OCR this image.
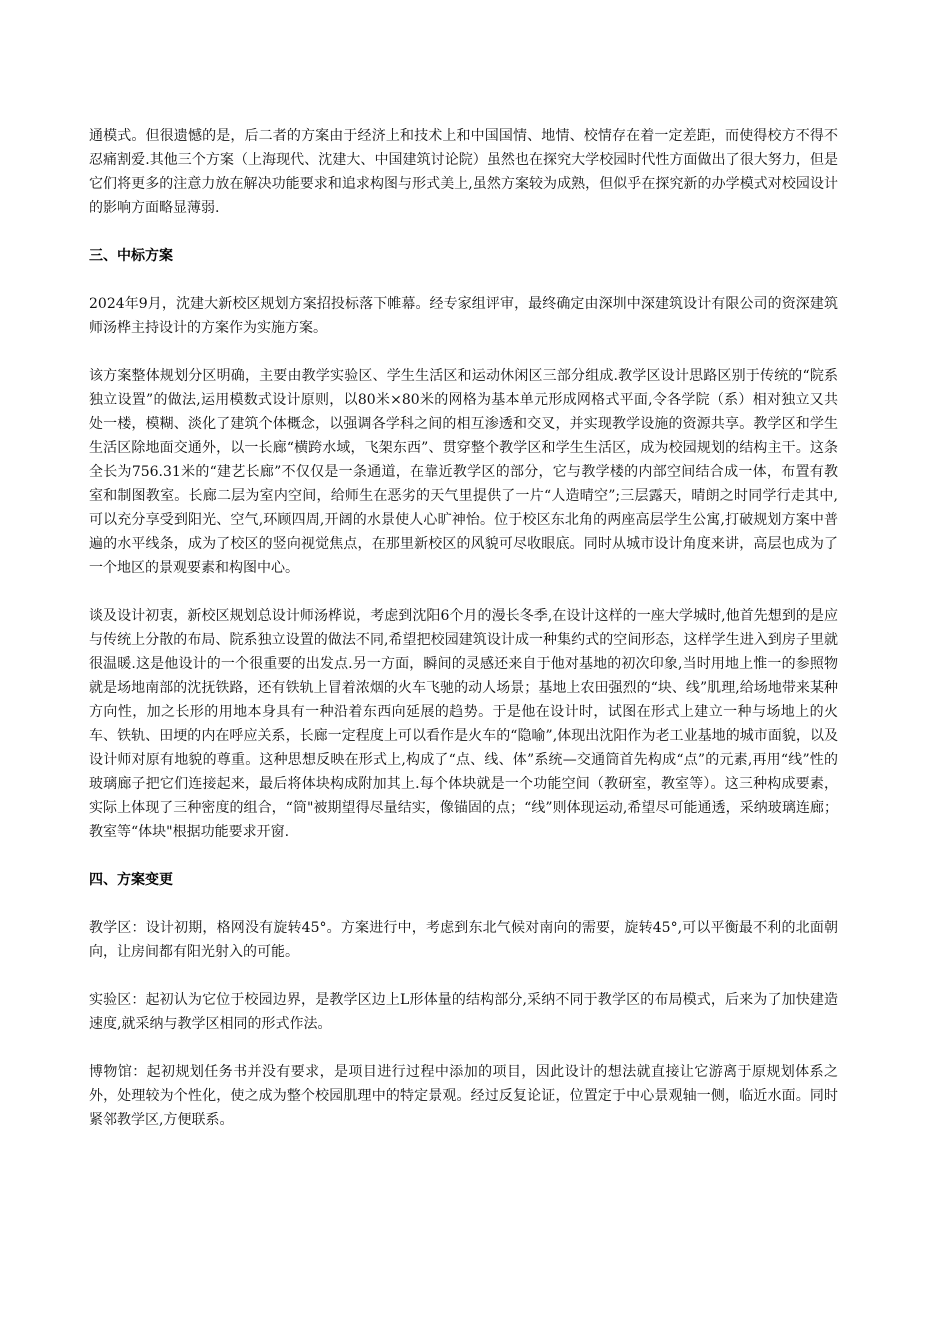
通模式。但很遗憾的是，后二者的方案由于经济上和技术上和中国国情、地情、校情存在着一定差距，而使得校方不得不忍痛割爱.其他三个方案（上海现代、沈建大、中国建筑讨论院）虽然也在探究大学校园时代性方面做出了很大努力，但是它们将更多的注意力放在解决功能要求和追求构图与形式美上,虽然方案较为成熟，但似乎在探究新的办学模式对校园设计的影响方面略显薄弱.

三、中标方案

2024年9月，沈建大新校区规划方案招投标落下帷幕。经专家组评审，最终确定由深圳中深建筑设计有限公司的资深建筑师汤桦主持设计的方案作为实施方案。

该方案整体规划分区明确，主要由教学实验区、学生生活区和运动休闲区三部分组成.教学区设计思路区别于传统的“院系独立设置”的做法,运用模数式设计原则，以80米×80米的网格为基本单元形成网格式平面,令各学院（系）相对独立又共处一楼，模糊、淡化了建筑个体概念，以强调各学科之间的相互渗透和交叉，并实现教学设施的资源共享。教学区和学生生活区除地面交通外，以一长廊“横跨水域，飞架东西”、贯穿整个教学区和学生生活区，成为校园规划的结构主干。这条全长为756.31米的“建艺长廊”不仅仅是一条通道，在靠近教学区的部分，它与教学楼的内部空间结合成一体，布置有教室和制图教室。长廊二层为室内空间，给师生在恶劣的天气里提供了一片“人造晴空”;三层露天，晴朗之时同学行走其中,可以充分享受到阳光、空气,环顾四周,开阔的水景使人心旷神怡。位于校区东北角的两座高层学生公寓,打破规划方案中普遍的水平线条，成为了校区的竖向视觉焦点，在那里新校区的风貌可尽收眼底。同时从城市设计角度来讲，高层也成为了一个地区的景观要素和构图中心。

谈及设计初衷，新校区规划总设计师汤桦说，考虑到沈阳6个月的漫长冬季,在设计这样的一座大学城时,他首先想到的是应与传统上分散的布局、院系独立设置的做法不同,希望把校园建筑设计成一种集约式的空间形态，这样学生进入到房子里就很温暖.这是他设计的一个很重要的出发点.另一方面，瞬间的灵感还来自于他对基地的初次印象,当时用地上惟一的参照物就是场地南部的沈抚铁路，还有铁轨上冒着浓烟的火车飞驰的动人场景；基地上农田强烈的“块、线”肌理,给场地带来某种方向性，加之长形的用地本身具有一种沿着东西向延展的趋势。于是他在设计时，试图在形式上建立一种与场地上的火车、铁轨、田埂的内在呼应关系，长廊一定程度上可以看作是火车的“隐喻”,体现出沈阳作为老工业基地的城市面貌，以及设计师对原有地貌的尊重。这种思想反映在形式上,构成了“点、线、体”系统—交通筒首先构成“点”的元素,再用“线”性的玻璃廊子把它们连接起来，最后将体块构成附加其上.每个体块就是一个功能空间（教研室，教室等）。这三种构成要素，实际上体现了三种密度的组合，“筒"被期望得尽量结实，像锚固的点；“线”则体现运动,希望尽可能通透，采纳玻璃连廊；教室等“体块"根据功能要求开窗.

四、方案变更

教学区：设计初期，格网没有旋转45°。方案进行中，考虑到东北气候对南向的需要，旋转45°,可以平衡最不利的北面朝向，让房间都有阳光射入的可能。

实验区：起初认为它位于校园边界，是教学区边上L形体量的结构部分,采纳不同于教学区的布局模式，后来为了加快建造速度,就采纳与教学区相同的形式作法。

博物馆：起初规划任务书并没有要求，是项目进行过程中添加的项目，因此设计的想法就直接让它游离于原规划体系之外，处理较为个性化，使之成为整个校园肌理中的特定景观。经过反复论证，位置定于中心景观轴一侧，临近水面。同时紧邻教学区,方便联系。
